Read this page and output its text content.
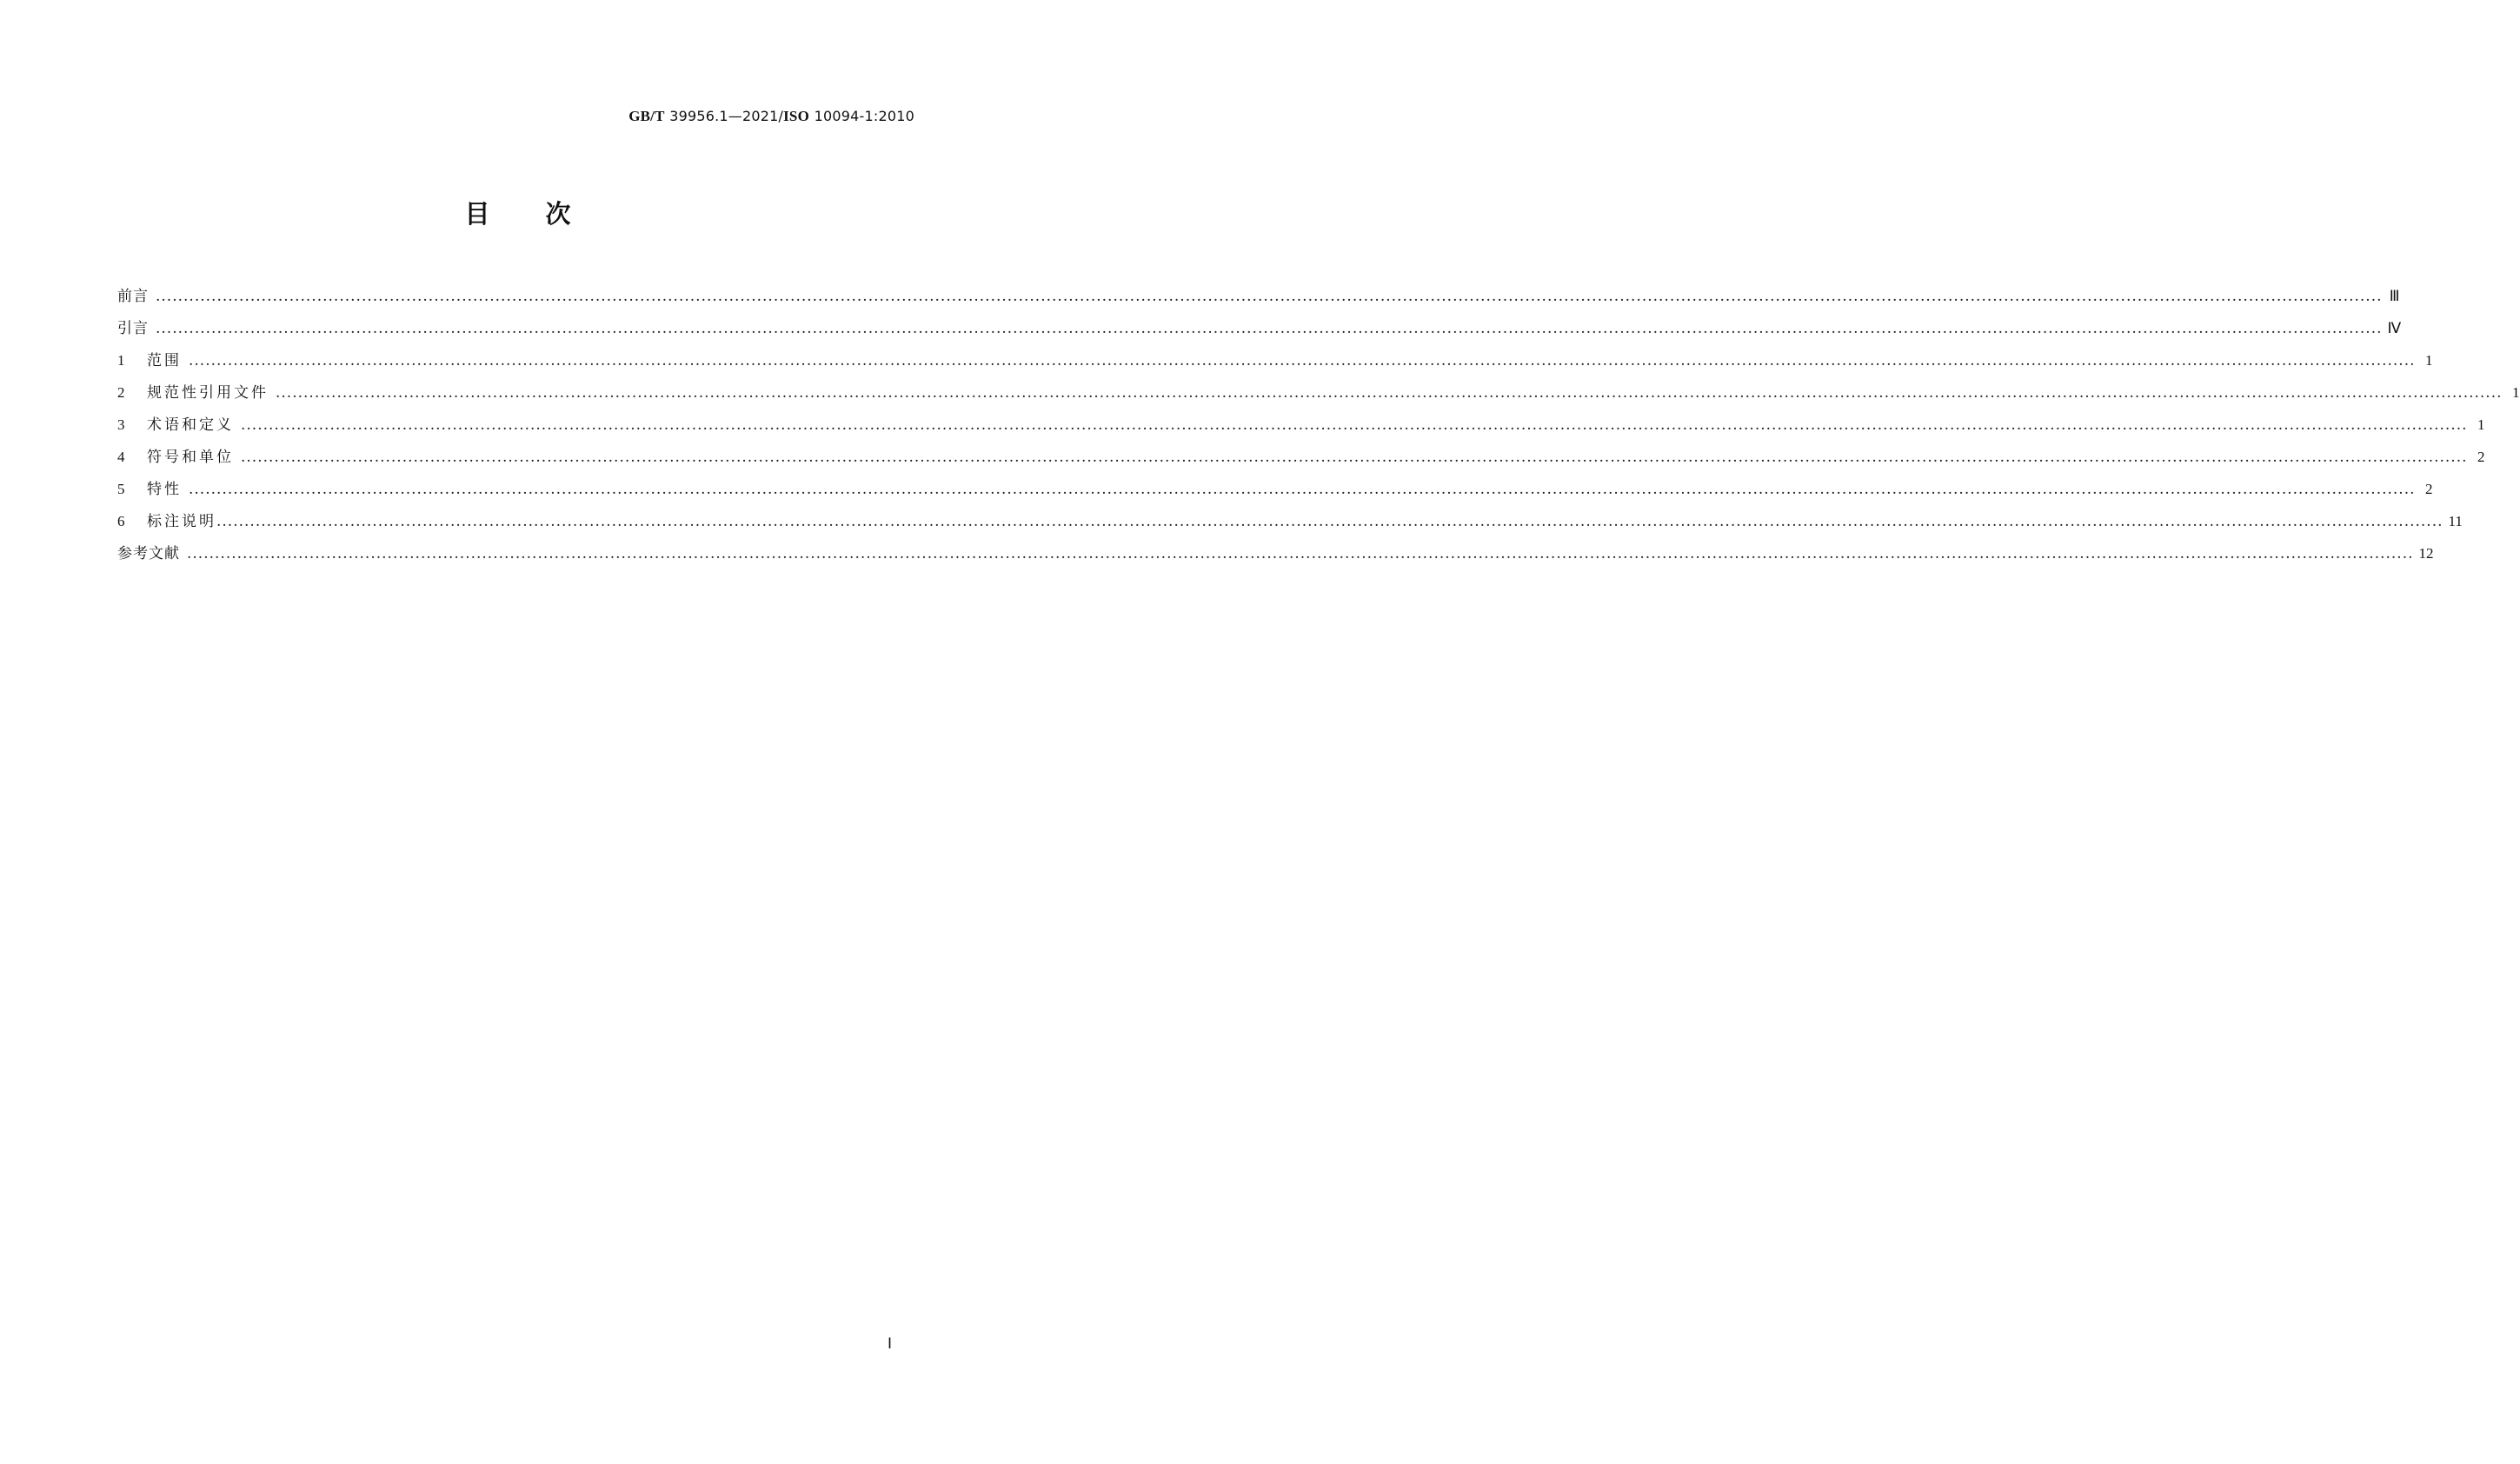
GB/T 39956.1—2021/ISO 10094-1:2010
目 次
前言 ................................................................................................................................................................................................................................................................................................................................................................................................................ Ⅲ
引言 ................................................................................................................................................................................................................................................................................................................................................................................................................ Ⅳ
1	范围 ................................................................................................................................................................................................................................................................................................................................................................................................................ 1
2	规范性引用文件 ................................................................................................................................................................................................................................................................................................................................................................................................................ 1
3	术语和定义 ................................................................................................................................................................................................................................................................................................................................................................................................................ 1
4	符号和单位 ................................................................................................................................................................................................................................................................................................................................................................................................................ 2
5	特性 ................................................................................................................................................................................................................................................................................................................................................................................................................ 2
6	标注说明 ................................................................................................................................................................................................................................................................................................................................................................................................................ 11
参考文献 ................................................................................................................................................................................................................................................................................................................................................................................................................ 12
Ⅰ
